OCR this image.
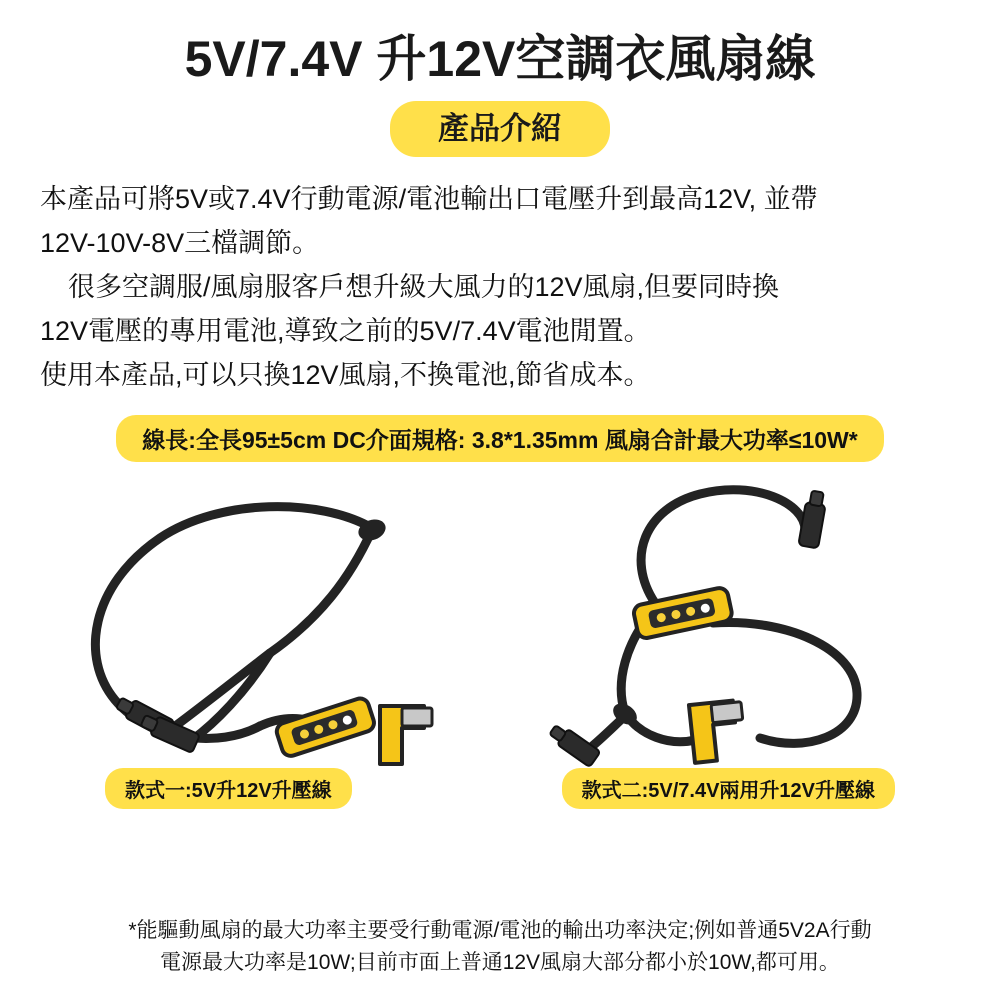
5V/7.4V 升12V空調衣風扇線
產品介紹

本產品可將5V或7.4V行動電源/電池輸出口電壓升到最高12V, 並帶

12V-10V-8V三檔調節。

很多空調服/風扇服客戶想升級大風力的12V風扇,但要同時換

12V電壓的專用電池,導致之前的5V/7.4V電池閒置。

使用本產品,可以只換12V風扇,不換電池,節省成本。

線長:全長95±5cm DC介面規格: 3.8*1.35mm 風扇合計最大功率≤10W*
款式一:5V升12V升壓線	款式二:5V/7.4V兩用升12V升壓線

*能驅動風扇的最大功率主要受行動電源/電池的輸出功率決定;例如普通5V2A行動

電源最大功率是10W;目前市面上普通12V風扇大部分都小於10W,都可用。
